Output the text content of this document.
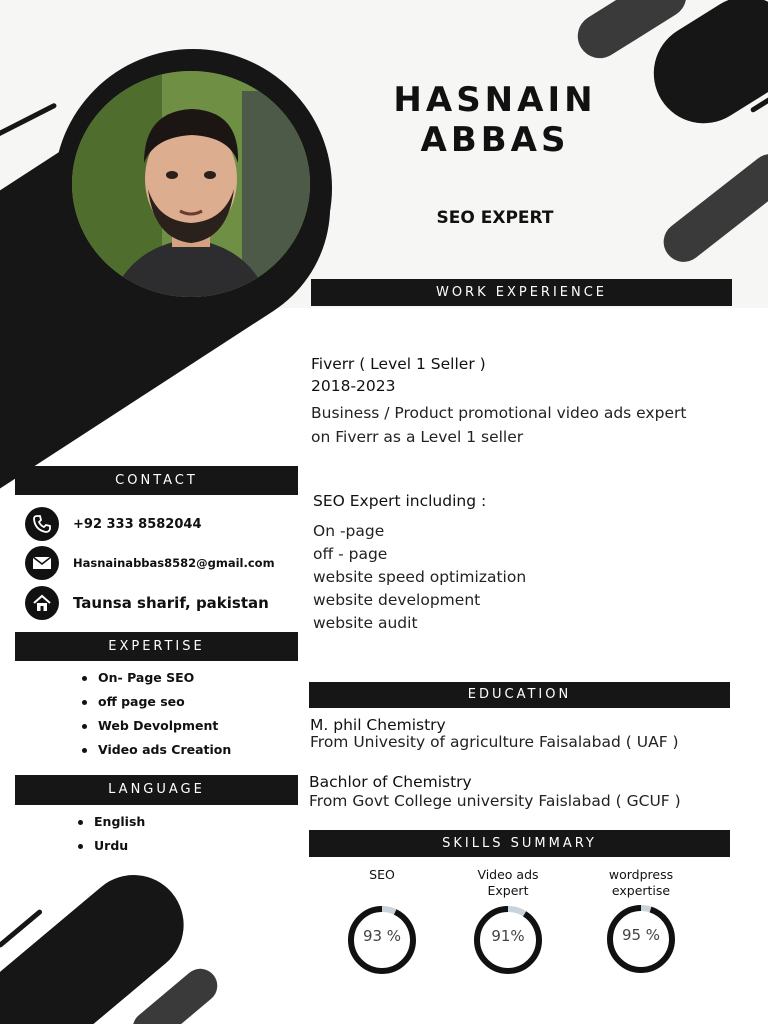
HASNAIN
ABBAS
SEO EXPERT
WORK EXPERIENCE
Fiverr ( Level 1 Seller )
2018-2023
Business / Product promotional video ads expert
on Fiverr as a Level 1 seller
SEO Expert including :
On -page
off - page
website speed optimization
website development
website audit
CONTACT
+92 333 8582044
Hasnainabbas8582@gmail.com
Taunsa sharif, pakistan
EXPERTISE
On- Page SEO
off page seo
Web Devolpment
Video ads Creation
LANGUAGE
English
Urdu
EDUCATION
M. phil Chemistry
From Univesity of agriculture Faisalabad ( UAF )
Bachlor of Chemistry
From Govt College university Faislabad ( GCUF )
SKILLS SUMMARY
SEO	Video ads
Expert
wordpress
expertise
93 %	91%	95 %
